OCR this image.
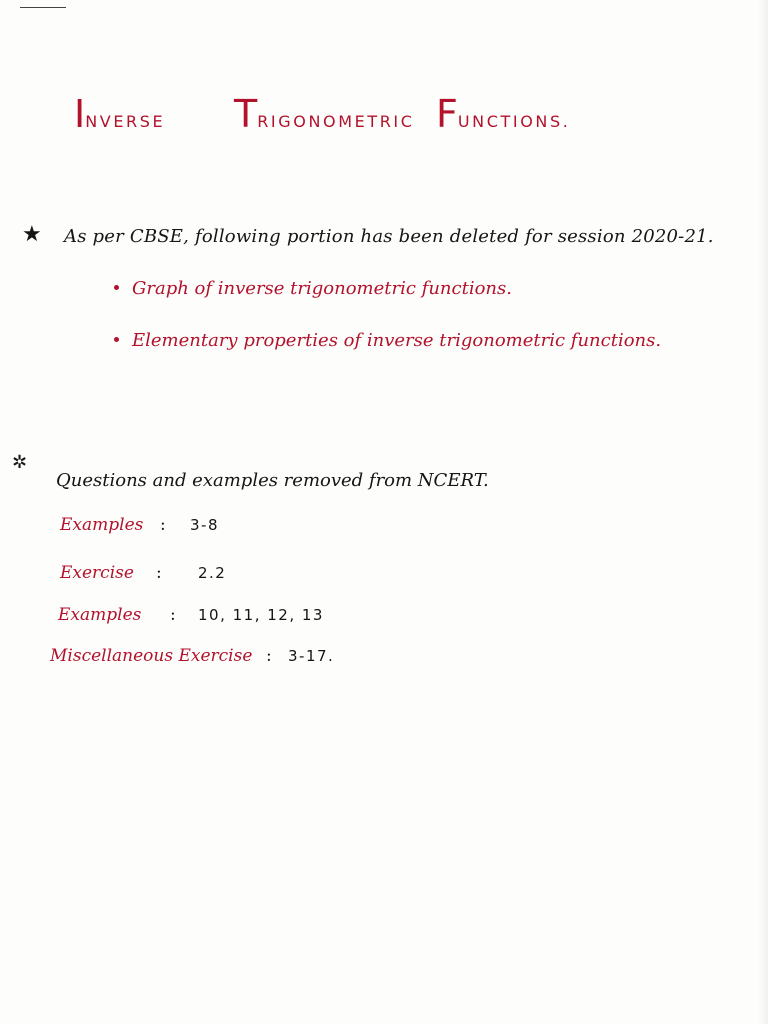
INVERSE TRIGONOMETRIC FUNCTIONS.
★ As per CBSE, following portion has been deleted for session 2020-21.
Graph of inverse trigonometric functions.
Elementary properties of inverse trigonometric functions.
✲
Questions and examples removed from NCERT.
Examples : 3-8
Exercise : 2.2
Examples : 10, 11, 12, 13
Miscellaneous Exercise : 3-17.
